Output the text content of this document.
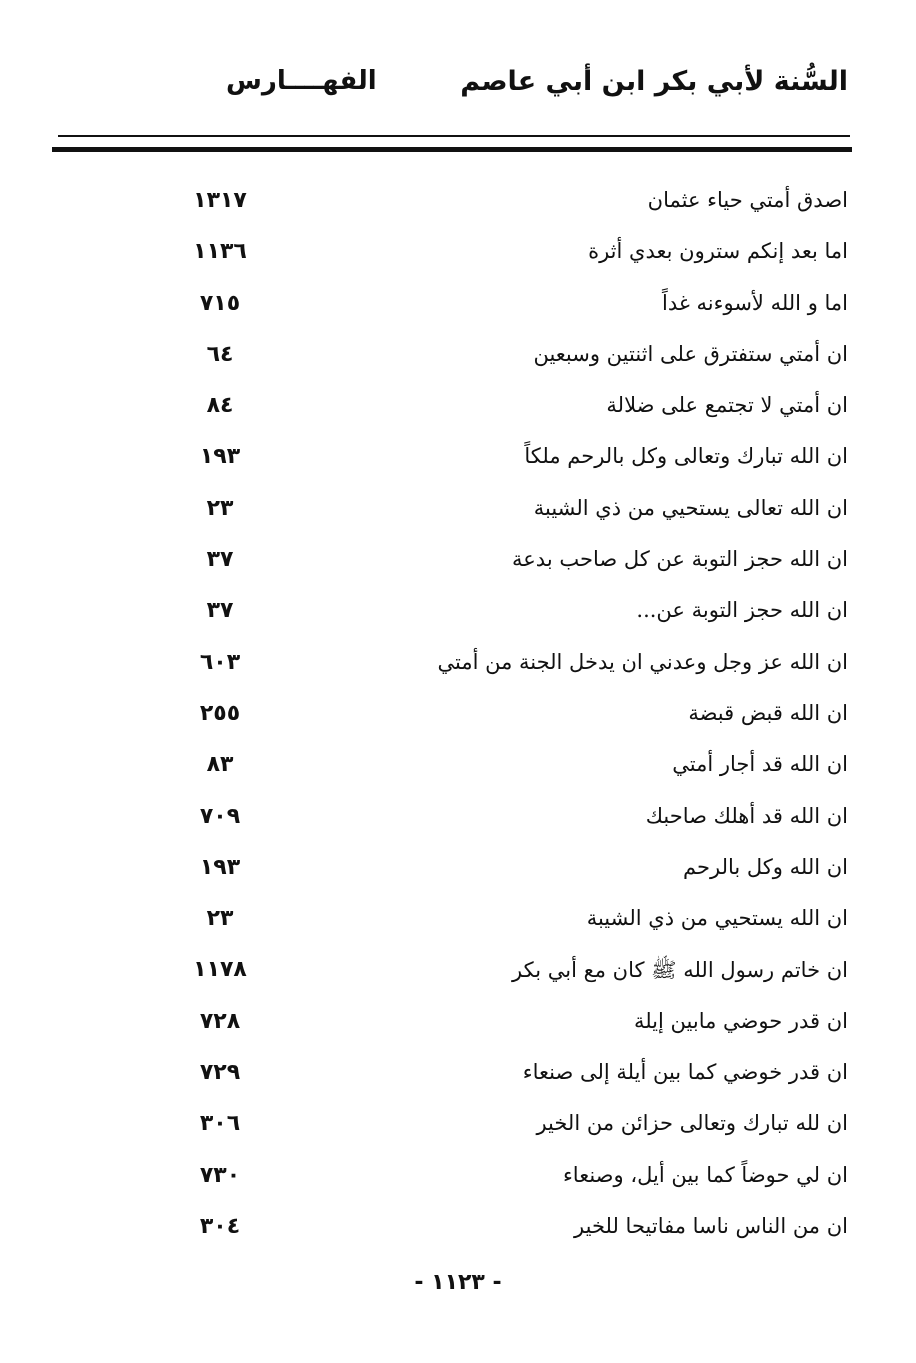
السُّنة لأبي بكر ابن أبي عاصم
الفهــــارس
اصدق أمتي حياء عثمان
١٣١٧
اما بعد إنكم سترون بعدي أثرة
١١٣٦
اما و الله لأسوءنه غداً
٧١٥
ان أمتي ستفترق على اثنتين وسبعين
٦٤
ان أمتي لا تجتمع على ضلالة
٨٤
ان الله تبارك وتعالى وكل بالرحم ملكاً
١٩٣
ان الله تعالى يستحيي من ذي الشيبة
٢٣
ان الله حجز التوبة عن كل صاحب بدعة
٣٧
ان الله حجز التوبة عن...
٣٧
ان الله عز وجل وعدني ان يدخل الجنة من أمتي
٦٠٣
ان الله قبض قبضة
٢٥٥
ان الله قد أجار أمتي
٨٣
ان الله قد أهلك صاحبك
٧٠٩
ان الله وكل بالرحم
١٩٣
ان الله يستحيي من ذي الشيبة
٢٣
ان خاتم رسول الله ﷺ كان مع أبي بكر
١١٧٨
ان قدر حوضي مابين إيلة
٧٢٨
ان قدر خوضي كما بين أيلة إلى صنعاء
٧٢٩
ان لله تبارك وتعالى حزائن من الخير
٣٠٦
ان لي حوضاً كما بين أيل، وصنعاء
٧٣٠
ان من الناس ناسا مفاتيحا للخير
٣٠٤
- ١١٢٣ -
